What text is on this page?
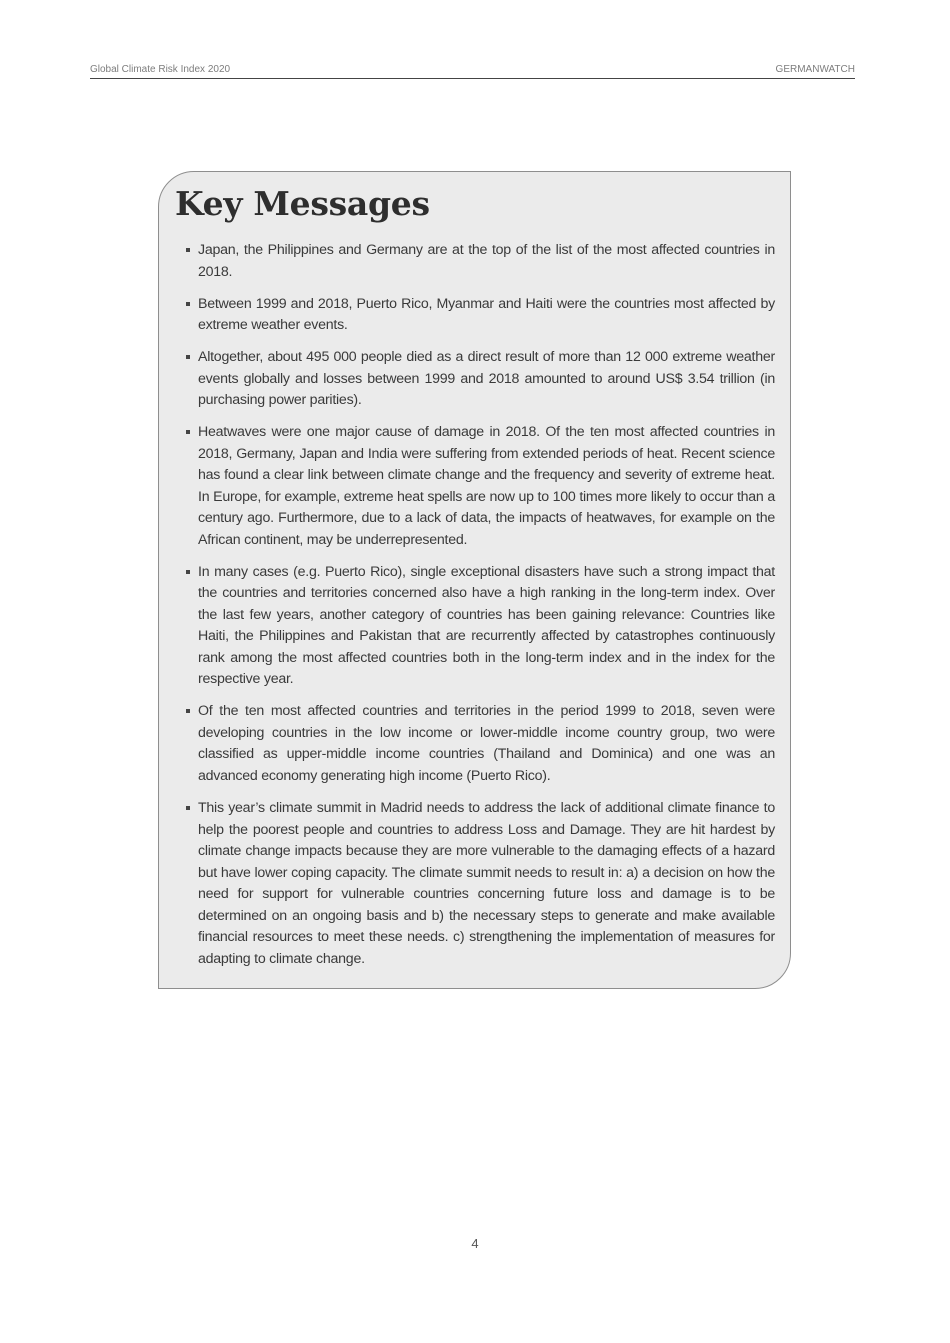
Global Climate Risk Index 2020	GERMANWATCH
Key Messages
Japan, the Philippines and Germany are at the top of the list of the most affected countries in 2018.
Between 1999 and 2018, Puerto Rico, Myanmar and Haiti were the countries most affected by extreme weather events.
Altogether, about 495 000 people died as a direct result of more than 12 000 extreme weather events globally and losses between 1999 and 2018 amounted to around US$ 3.54 trillion (in purchasing power parities).
Heatwaves were one major cause of damage in 2018. Of the ten most affected countries in 2018, Germany, Japan and India were suffering from extended periods of heat. Recent science has found a clear link between climate change and the frequency and severity of extreme heat. In Europe, for example, extreme heat spells are now up to 100 times more likely to occur than a century ago. Furthermore, due to a lack of data, the impacts of heatwaves, for example on the African continent, may be underrepresented.
In many cases (e.g. Puerto Rico), single exceptional disasters have such a strong impact that the countries and territories concerned also have a high ranking in the long-term index. Over the last few years, another category of countries has been gaining relevance: Countries like Haiti, the Philippines and Pakistan that are recurrently affected by catastrophes continuously rank among the most affected countries both in the long-term index and in the index for the respective year.
Of the ten most affected countries and territories in the period 1999 to 2018, seven were developing countries in the low income or lower-middle income country group, two were classified as upper-middle income countries (Thailand and Dominica) and one was an advanced economy generating high income (Puerto Rico).
This year’s climate summit in Madrid needs to address the lack of additional climate finance to help the poorest people and countries to address Loss and Damage. They are hit hardest by climate change impacts because they are more vulnerable to the damaging effects of a hazard but have lower coping capacity. The climate summit needs to result in: a) a decision on how the need for support for vulnerable countries concerning future loss and damage is to be determined on an ongoing basis and b) the necessary steps to generate and make available financial resources to meet these needs. c) strengthening the implementation of measures for adapting to climate change.
4
